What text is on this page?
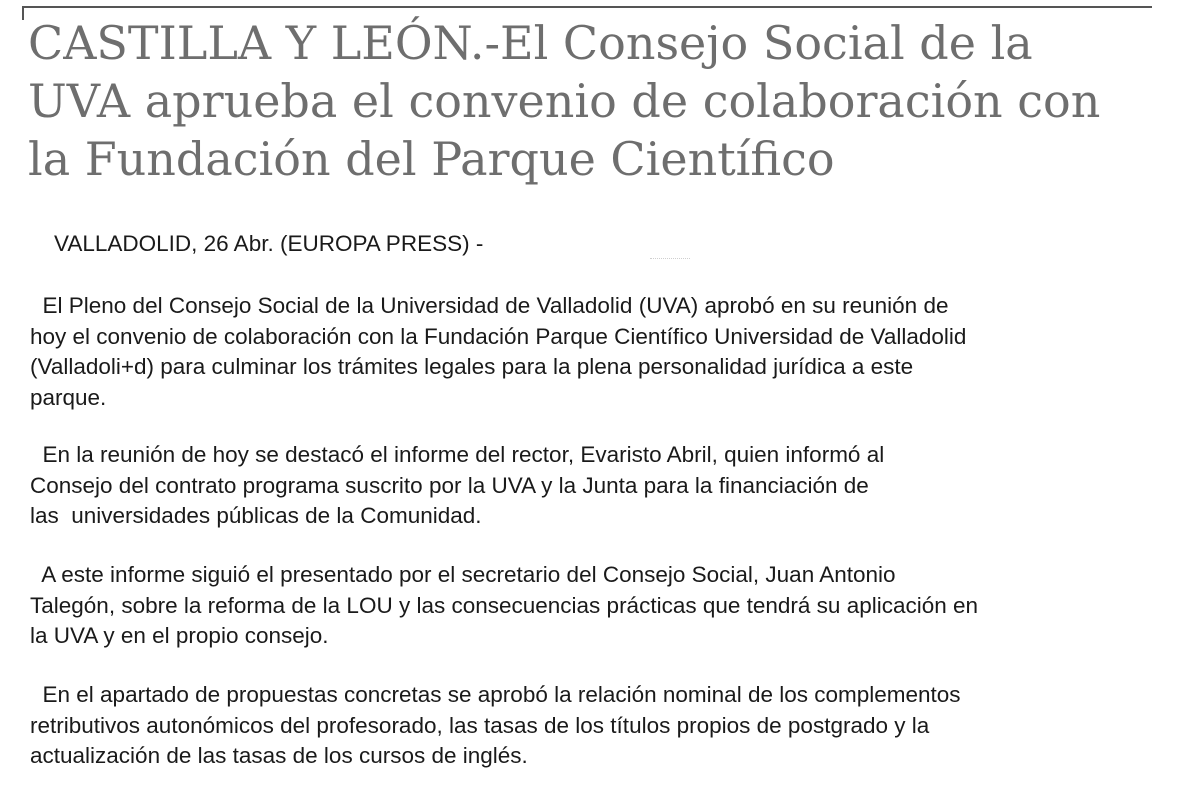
CASTILLA Y LEÓN.-El Consejo Social de la
UVA aprueba el convenio de colaboración con
la Fundación del Parque Científico
VALLADOLID, 26 Abr. (EUROPA PRESS) -
El Pleno del Consejo Social de la Universidad de Valladolid (UVA) aprobó en su reunión de
hoy el convenio de colaboración con la Fundación Parque Científico Universidad de Valladolid
(Valladoli+d) para culminar los trámites legales para la plena personalidad jurídica a este
parque.
En la reunión de hoy se destacó el informe del rector, Evaristo Abril, quien informó al
Consejo del contrato programa suscrito por la UVA y la Junta para la financiación de
las  universidades públicas de la Comunidad.
A este informe siguió el presentado por el secretario del Consejo Social, Juan Antonio
Talegón, sobre la reforma de la LOU y las consecuencias prácticas que tendrá su aplicación en
la UVA y en el propio consejo.
En el apartado de propuestas concretas se aprobó la relación nominal de los complementos
retributivos autonómicos del profesorado, las tasas de los títulos propios de postgrado y la
actualización de las tasas de los cursos de inglés.
